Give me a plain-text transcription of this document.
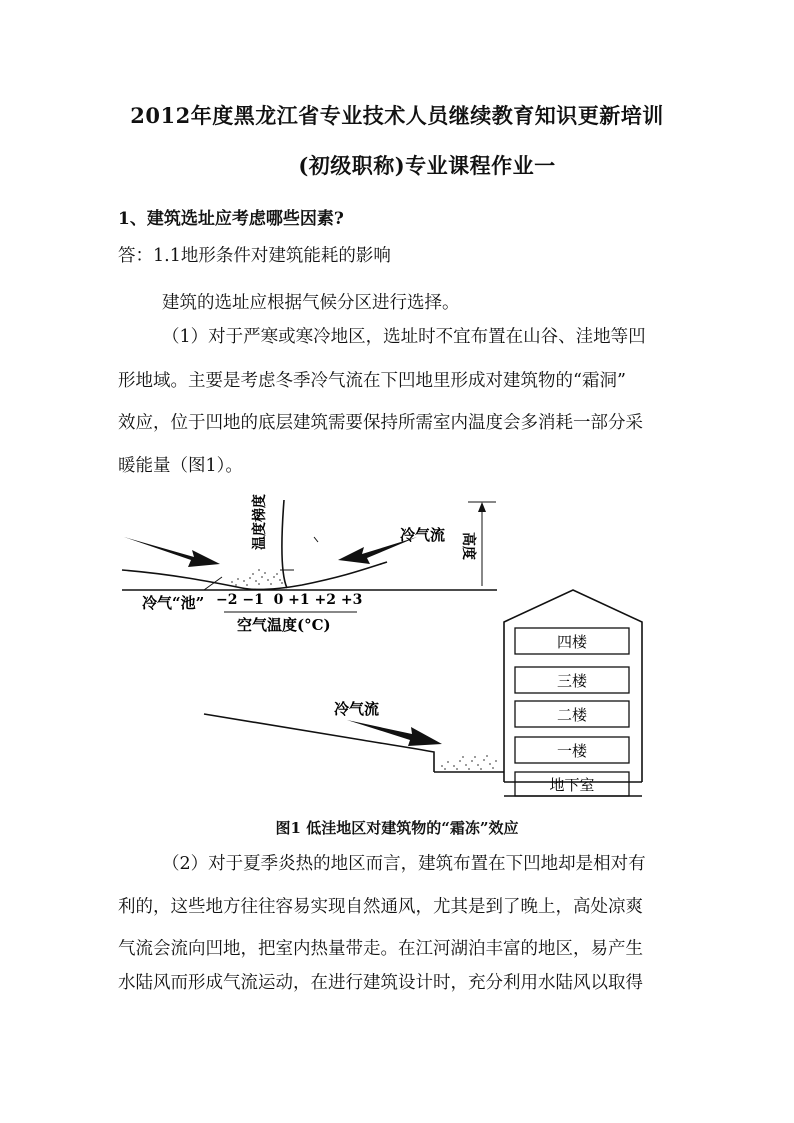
2012年度黑龙江省专业技术人员继续教育知识更新培训
(初级职称)专业课程作业一
1、建筑选址应考虑哪些因素?
答：1.1地形条件对建筑能耗的影响
建筑的选址应根据气候分区进行选择。
（1）对于严寒或寒冷地区，选址时不宜布置在山谷、洼地等凹
形地域。主要是考虑冬季冷气流在下凹地里形成对建筑物的“霜洞”
效应，位于凹地的底层建筑需要保持所需室内温度会多消耗一部分采
暖能量（图1）。
温度梯度	冷气流 高度
冷气“池” −2 −1  0 +1 +2 +3
空气温度(°C)
冷气流
四楼
三楼
二楼
一楼
地下室
图1 低洼地区对建筑物的“霜冻”效应
（2）对于夏季炎热的地区而言，建筑布置在下凹地却是相对有
利的，这些地方往往容易实现自然通风，尤其是到了晚上，高处凉爽
气流会流向凹地，把室内热量带走。在江河湖泊丰富的地区，易产生
水陆风而形成气流运动，在进行建筑设计时，充分利用水陆风以取得
